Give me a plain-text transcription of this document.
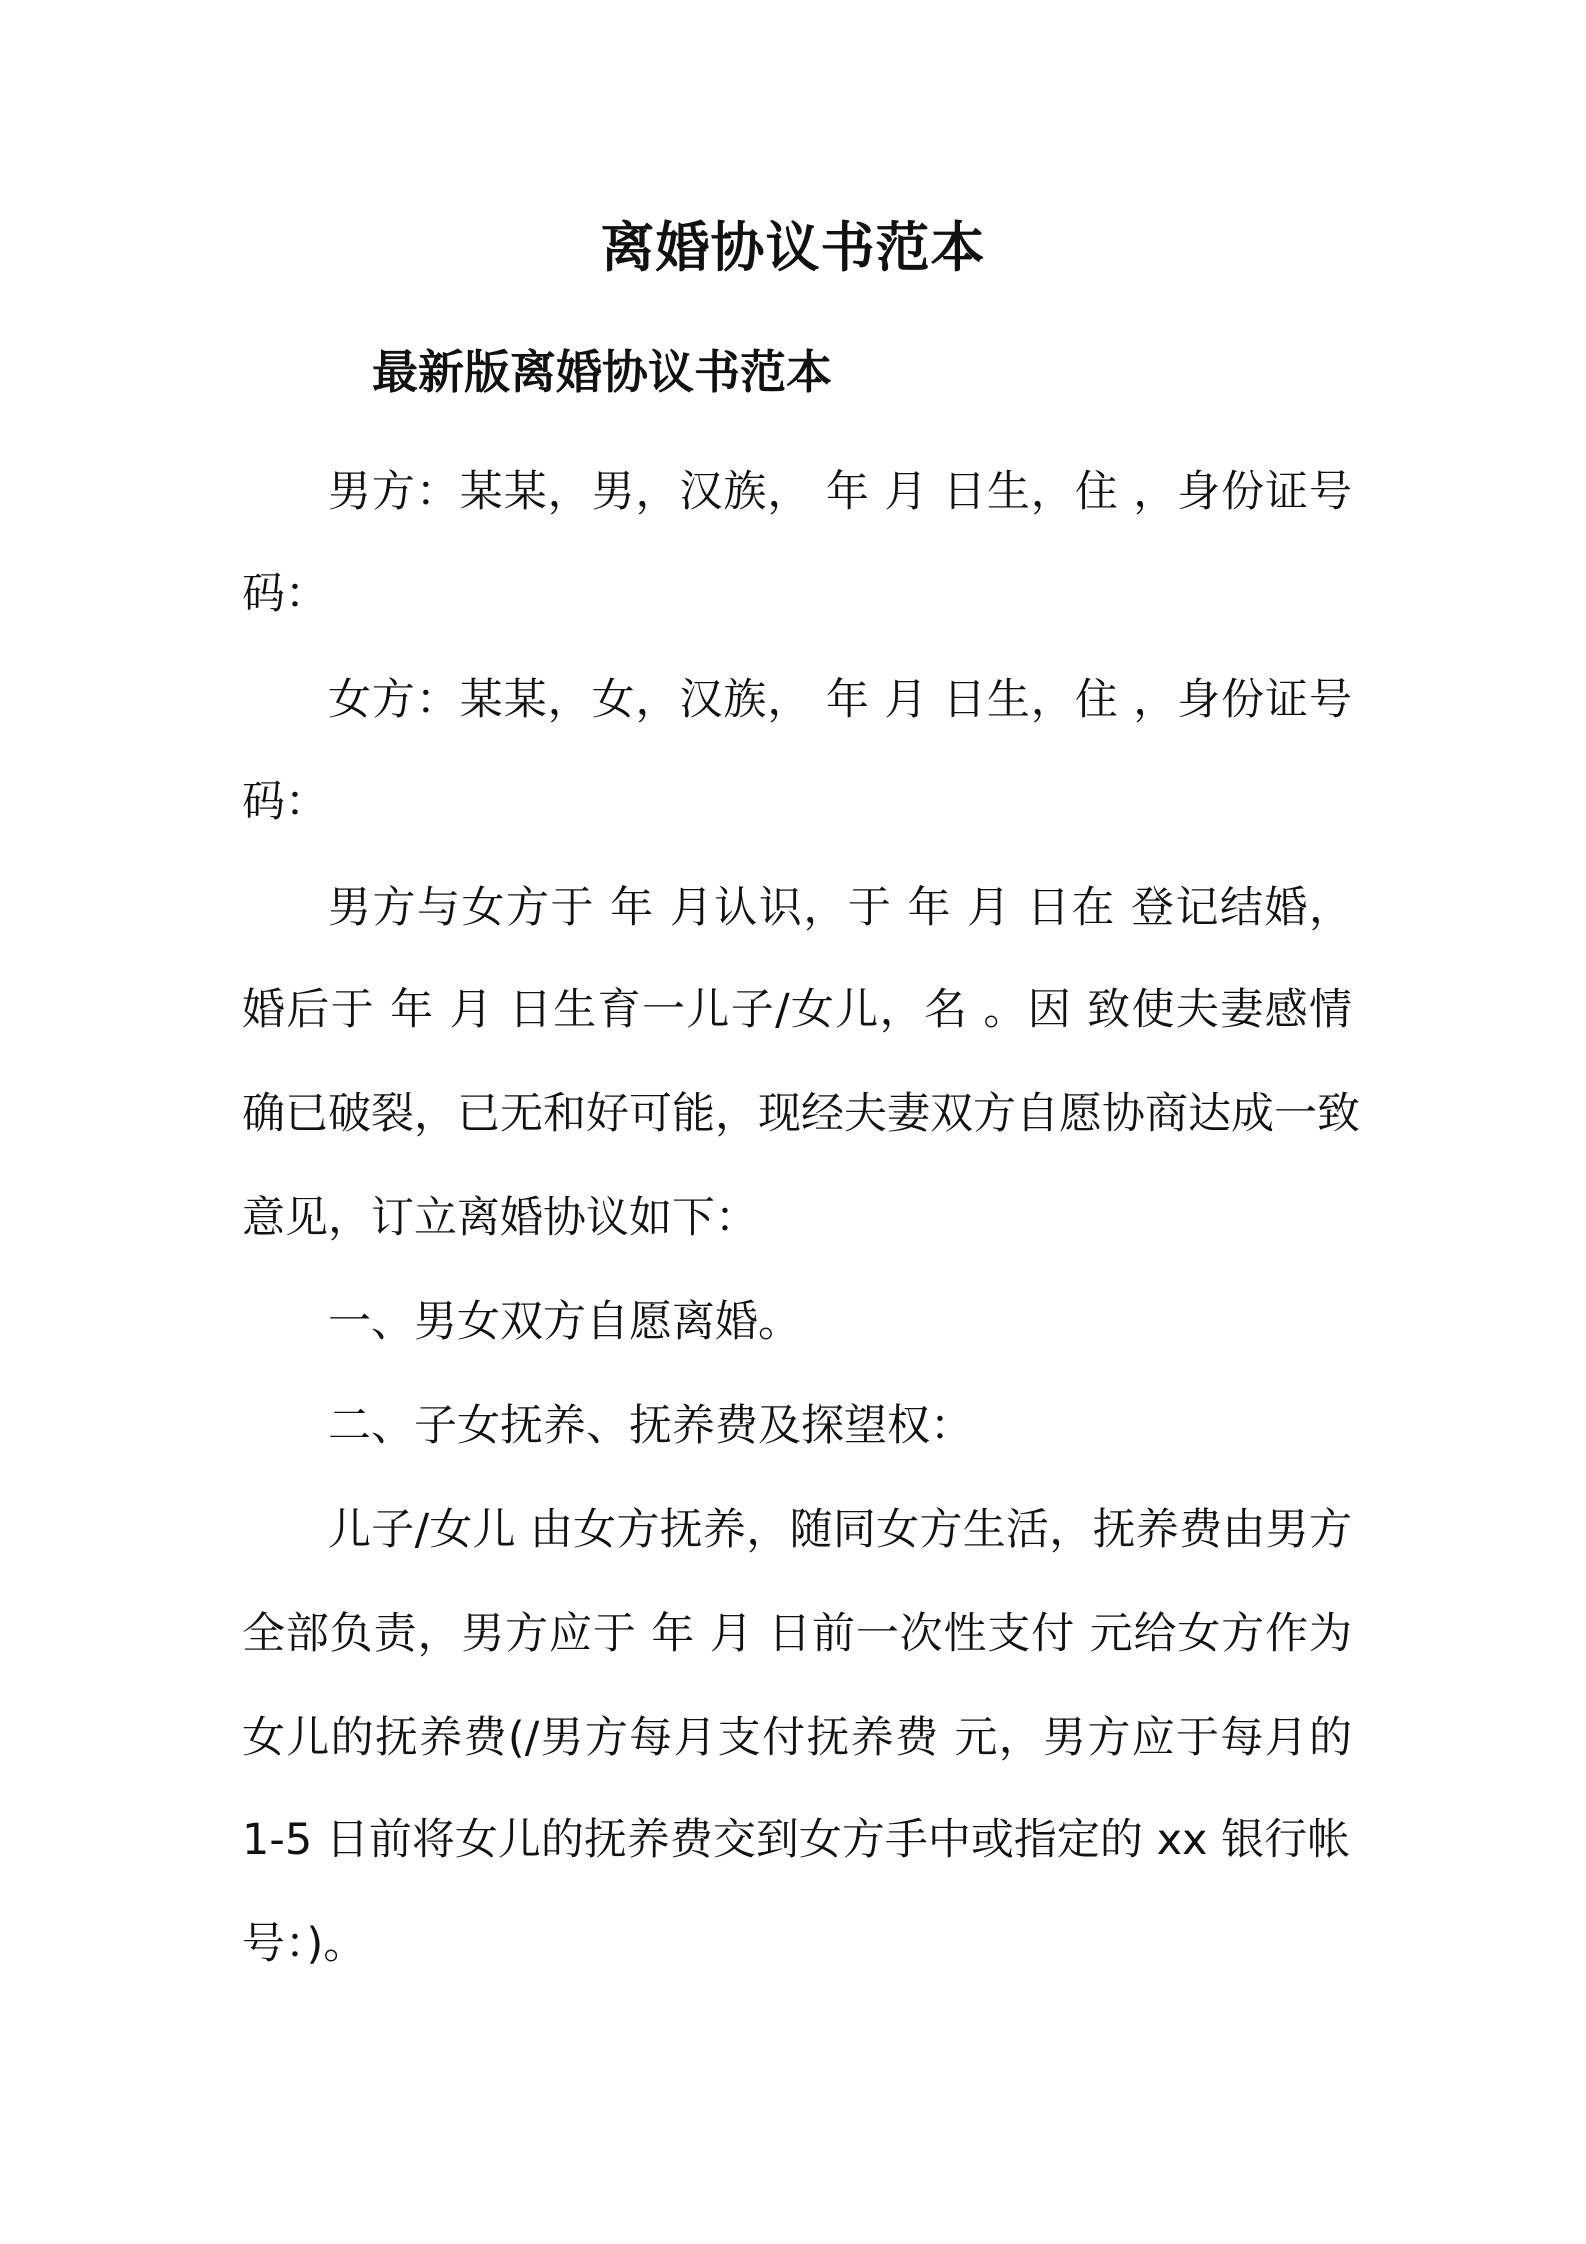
离婚协议书范本
最新版离婚协议书范本
男方：某某，男，汉族， 年 月 日生，住 ，身份证号
码：
女方：某某，女，汉族， 年 月 日生，住 ，身份证号
码：
男方与女方于 年 月认识，于 年 月 日在 登记结婚，
婚后于 年 月 日生育一儿子/女儿，名 。因 致使夫妻感情
确已破裂，已无和好可能，现经夫妻双方自愿协商达成一致
意见，订立离婚协议如下：
一、男女双方自愿离婚。
二、子女抚养、抚养费及探望权：
儿子/女儿 由女方抚养，随同女方生活，抚养费由男方
全部负责，男方应于 年 月 日前一次性支付 元给女方作为
女儿的抚养费(/男方每月支付抚养费 元，男方应于每月的
1-5 日前将女儿的抚养费交到女方手中或指定的 xx 银行帐
号：)。
